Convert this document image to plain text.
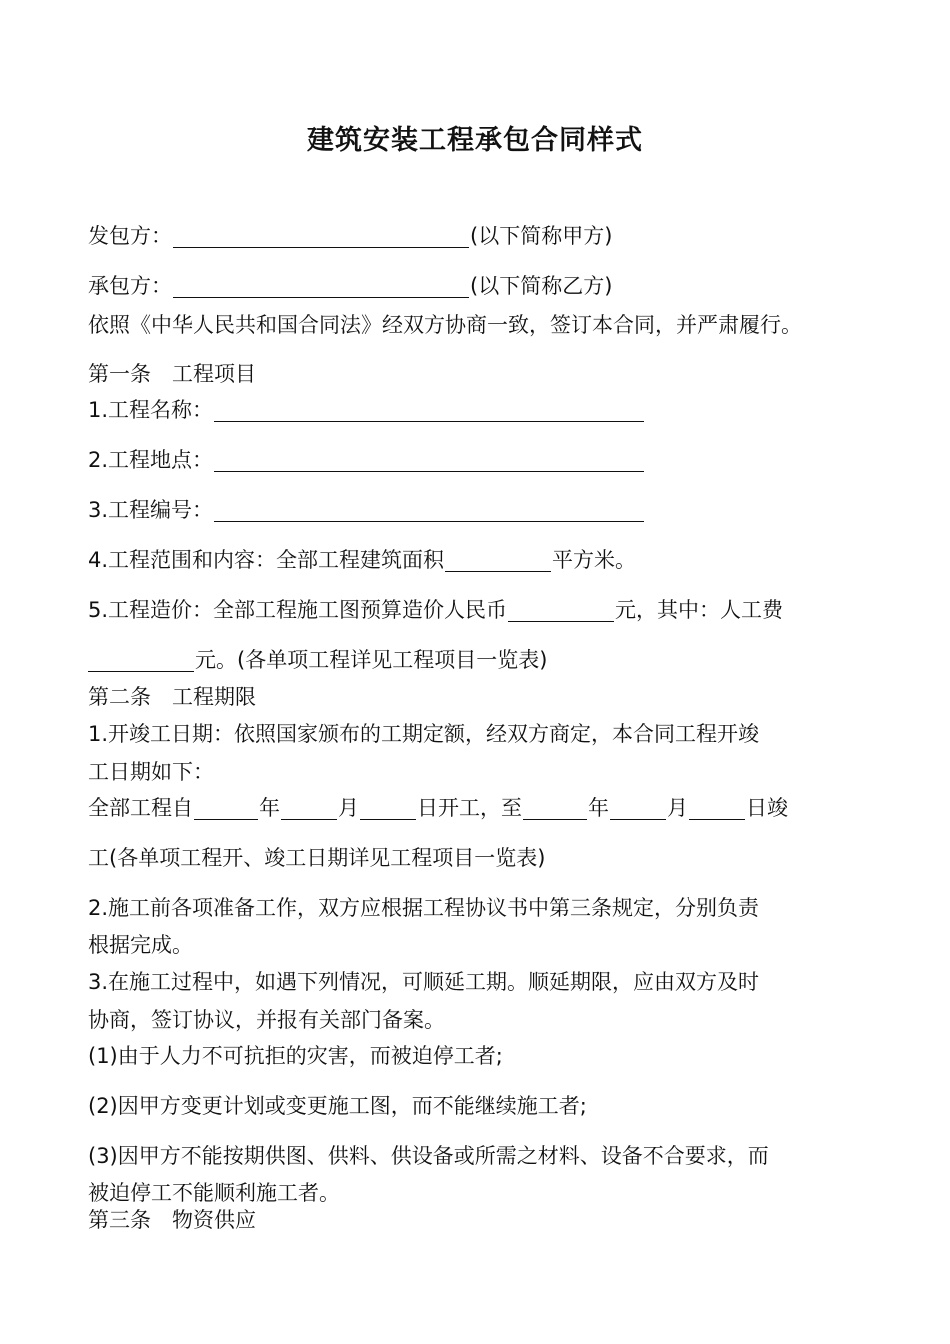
建筑安装工程承包合同样式
发包方：	(以下简称甲方)
承包方：	(以下简称乙方)
依照《中华人民共和国合同法》经双方协商一致，签订本合同，并严肃履行。
第一条　工程项目
1.工程名称：
2.工程地点：
3.工程编号：
4.工程范围和内容：全部工程建筑面积	平方米。
5.工程造价：全部工程施工图预算造价人民币	元，其中：人工费
元。(各单项工程详见工程项目一览表)
第二条　工程期限
1.开竣工日期：依照国家颁布的工期定额，经双方商定，本合同工程开竣
工日期如下：
全部工程自	年	月	日开工，至	年	月	日竣
工(各单项工程开、竣工日期详见工程项目一览表)
2.施工前各项准备工作，双方应根据工程协议书中第三条规定，分别负责
根据完成。
3.在施工过程中，如遇下列情况，可顺延工期。顺延期限，应由双方及时
协商，签订协议，并报有关部门备案。
(1)由于人力不可抗拒的灾害，而被迫停工者;
(2)因甲方变更计划或变更施工图，而不能继续施工者;
(3)因甲方不能按期供图、供料、供设备或所需之材料、设备不合要求，而
被迫停工不能顺利施工者。
第三条　物资供应
